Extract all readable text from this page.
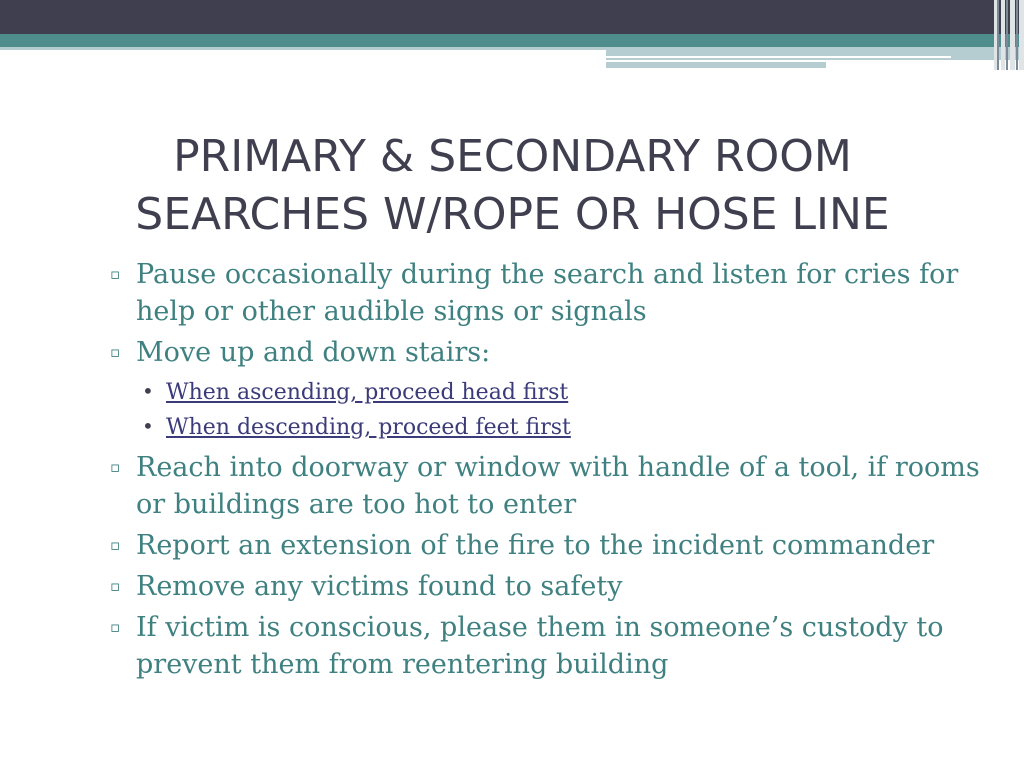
PRIMARY & SECONDARY ROOM
SEARCHES W/ROPE OR HOSE LINE
▫ Pause occasionally during the search and listen for cries for help or other audible signs or signals
▫ Move up and down stairs:
• When ascending, proceed head first
• When descending, proceed feet first
▫ Reach into doorway or window with handle of a tool, if rooms or buildings are too hot to enter
▫ Report an extension of the fire to the incident commander
▫ Remove any victims found to safety
▫ If victim is conscious, please them in someone’s custody to prevent them from reentering building
